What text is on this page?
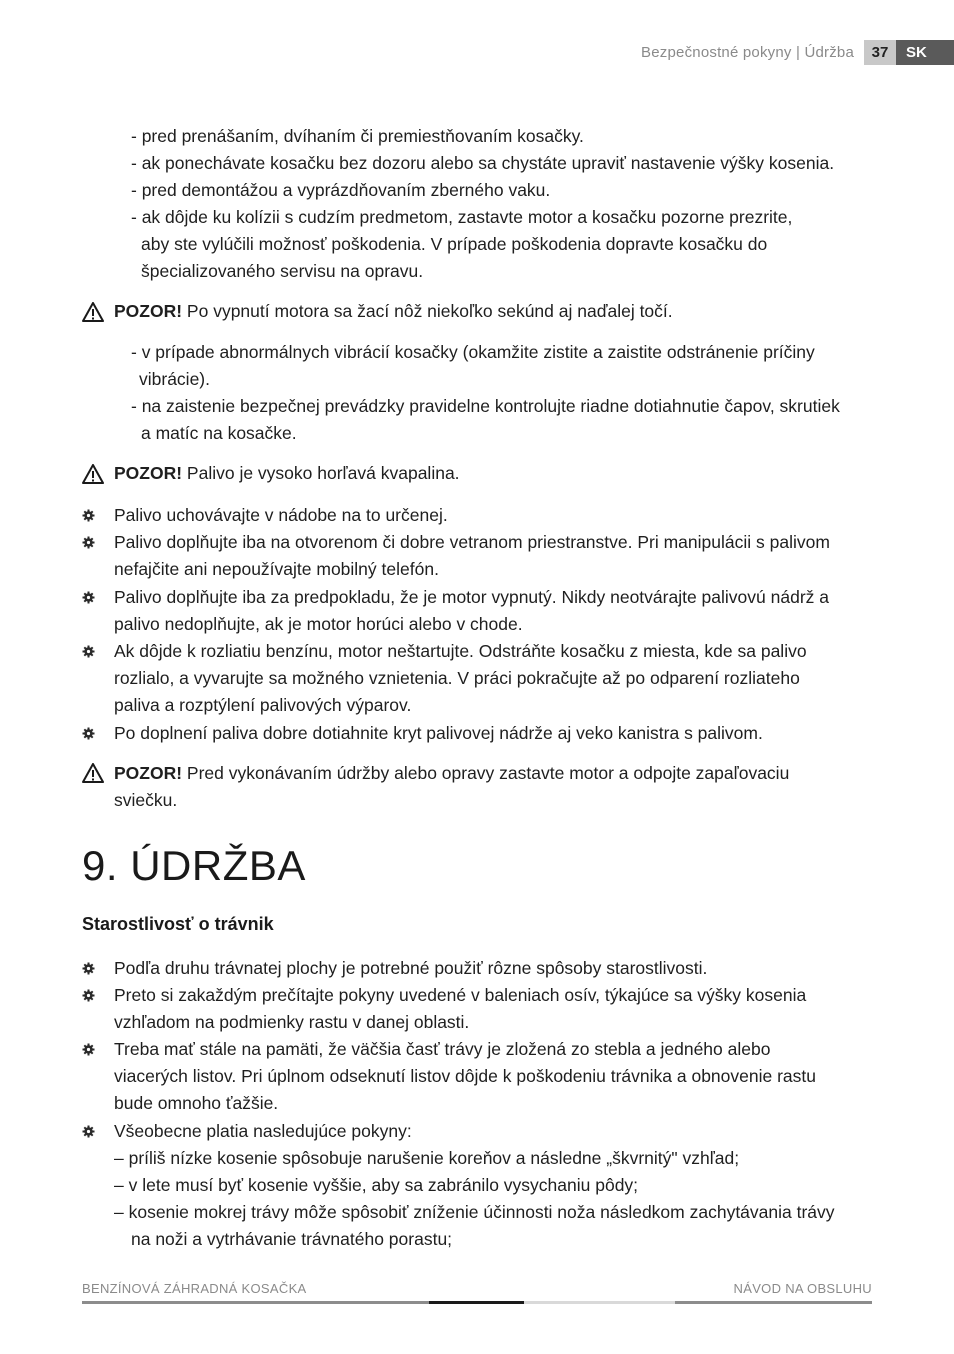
Bezpečnostné pokyny | Údržba	37	SK
- pred prenášaním, dvíhaním či premiestňovaním kosačky.
- ak ponechávate kosačku bez dozoru alebo sa chystáte upraviť nastavenie výšky kosenia.
- pred demontážou a vyprázdňovaním zberného vaku.
- ak dôjde ku kolízii s cudzím predmetom, zastavte motor a kosačku pozorne prezrite,
aby ste vylúčili možnosť poškodenia. V prípade poškodenia dopravte kosačku do
špecializovaného servisu na opravu.
POZOR! Po vypnutí motora sa žací nôž niekoľko sekúnd aj naďalej točí.
- v prípade abnormálnych vibrácií kosačky (okamžite zistite a zaistite odstránenie príčiny
vibrácie).
- na zaistenie bezpečnej prevádzky pravidelne kontrolujte riadne dotiahnutie čapov, skrutiek
a matíc na kosačke.
POZOR! Palivo je vysoko horľavá kvapalina.
Palivo uchovávajte v nádobe na to určenej.
Palivo doplňujte iba na otvorenom či dobre vetranom priestranstve. Pri manipulácii s palivom
nefajčite ani nepoužívajte mobilný telefón.
Palivo doplňujte iba za predpokladu, že je motor vypnutý. Nikdy neotvárajte palivovú nádrž a
palivo nedoplňujte, ak je motor horúci alebo v chode.
Ak dôjde k rozliatiu benzínu, motor neštartujte. Odstráňte kosačku z miesta, kde sa palivo
rozlialo, a vyvarujte sa možného vznietenia. V práci pokračujte až po odparení rozliateho
paliva a rozptýlení palivových výparov.
Po doplnení paliva dobre dotiahnite kryt palivovej nádrže aj veko kanistra s palivom.
POZOR! Pred vykonávaním údržby alebo opravy zastavte motor a odpojte zapaľovaciu
sviečku.
9. ÚDRŽBA
Starostlivosť o trávnik
Podľa druhu trávnatej plochy je potrebné použiť rôzne spôsoby starostlivosti.
Preto si zakaždým prečítajte pokyny uvedené v baleniach osív, týkajúce sa výšky kosenia
vzhľadom na podmienky rastu v danej oblasti.
Treba mať stále na pamäti, že väčšia časť trávy je zložená zo stebla a jedného alebo
viacerých listov. Pri úplnom odseknutí listov dôjde k poškodeniu trávnika a obnovenie rastu
bude omnoho ťažšie.
Všeobecne platia nasledujúce pokyny:
– príliš nízke kosenie spôsobuje narušenie koreňov a následne „škvrnitý" vzhľad;
– v lete musí byť kosenie vyššie, aby sa zabránilo vysychaniu pôdy;
– kosenie mokrej trávy môže spôsobiť zníženie účinnosti noža následkom zachytávania trávy
na noži a vytrhávanie trávnatého porastu;
BENZÍNOVÁ ZÁHRADNÁ KOSAČKA	NÁVOD NA OBSLUHU
